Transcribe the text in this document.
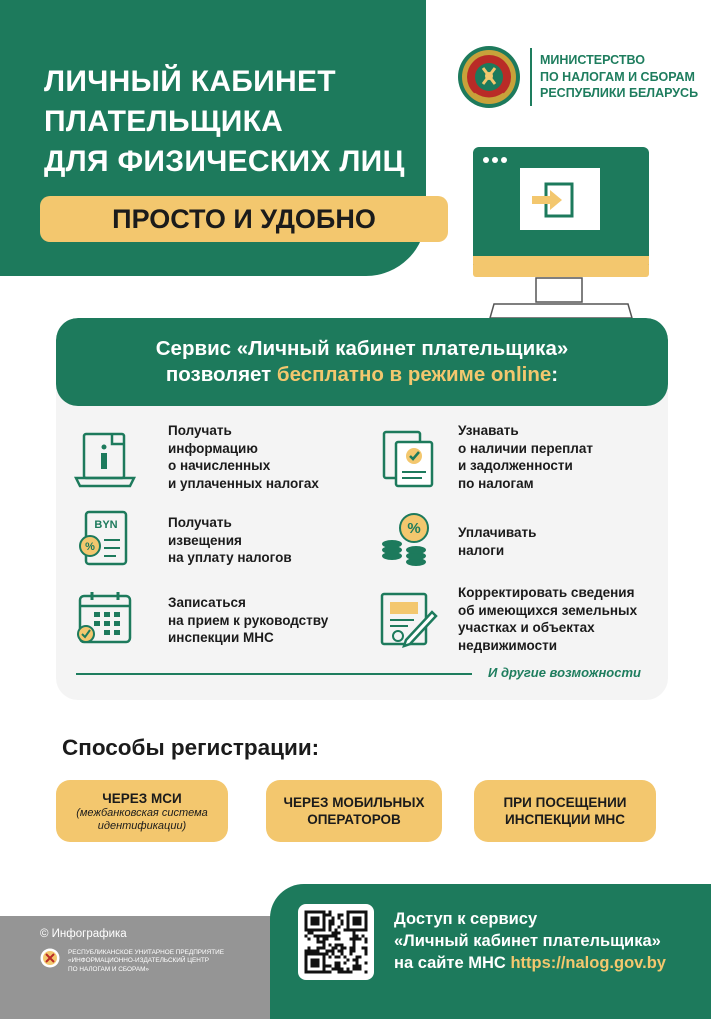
ЛИЧНЫЙ КАБИНЕТ
ПЛАТЕЛЬЩИКА
ДЛЯ ФИЗИЧЕСКИХ ЛИЦ
ПРОСТО И УДОБНО
МИНИСТЕРСТВО
ПО НАЛОГАМ И СБОРАМ
РЕСПУБЛИКИ БЕЛАРУСЬ
Сервис «Личный кабинет плательщика»
позволяет бесплатно в режиме online:
Получать
информацию
о начисленных
и уплаченных налогах
Узнавать
о наличии переплат
и задолженности
по налогам
BYN
%
Получать
извещения
на уплату налогов
%	Уплачивать
налоги
Записаться
на прием к руководству
инспекции МНС
Корректировать сведения
об имеющихся земельных
участках и объектах
недвижимости
И другие возможности
Способы регистрации:
ЧЕРЕЗ МСИ
(межбанковская система
идентификации)
ЧЕРЕЗ МОБИЛЬНЫХ
ОПЕРАТОРОВ
ПРИ ПОСЕЩЕНИИ
ИНСПЕКЦИИ МНС
© Инфографика
РЕСПУБЛИКАНСКОЕ УНИТАРНОЕ ПРЕДПРИЯТИЕ
«ИНФОРМАЦИОННО-ИЗДАТЕЛЬСКИЙ ЦЕНТР
ПО НАЛОГАМ И СБОРАМ»
Доступ к сервису
«Личный кабинет плательщика»
на сайте МНС https://nalog.gov.by
